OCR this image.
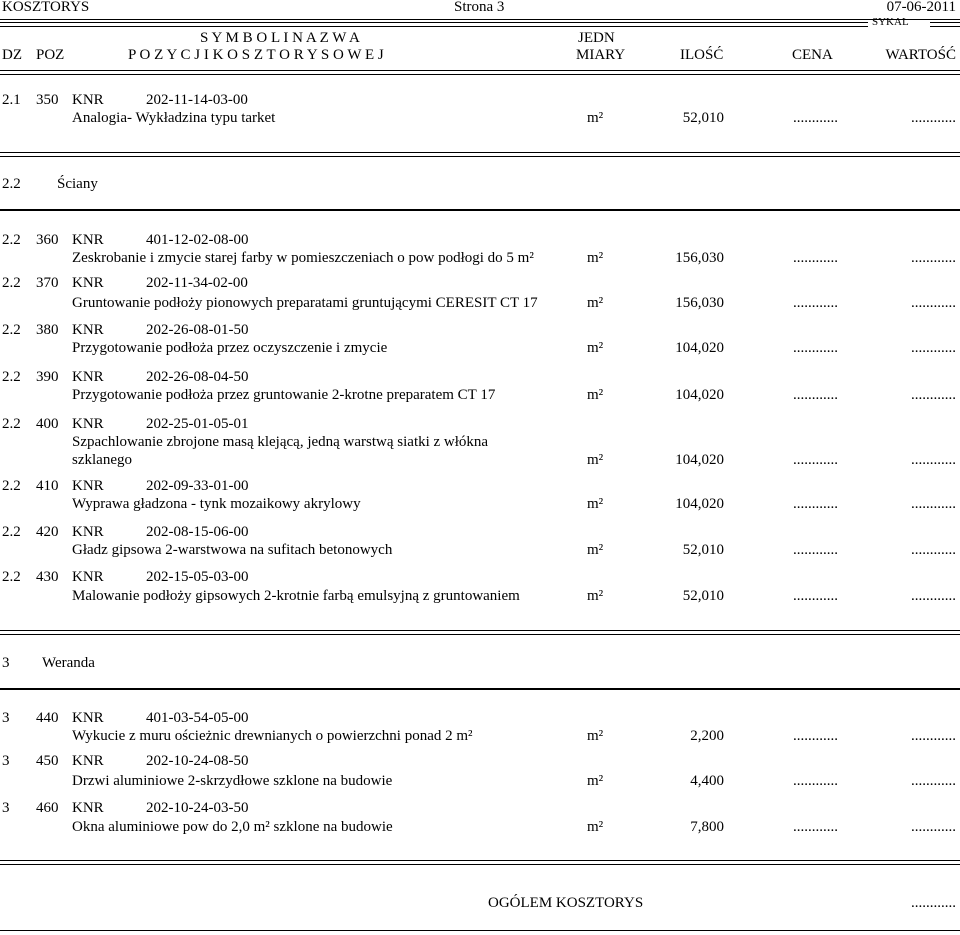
KOSZTORYS	Strona 3	07-06-2011
SYKAL
S Y M B O L I N A Z W A	JEDN
DZ POZ	P O Z Y C J I K O S Z T O R Y S O W E J	MIARY	ILOŚĆ	CENA	WARTOŚĆ
2.1 350 KNR	202-11-14-03-00
Analogia- Wykładzina typu tarket	m²	52,010	............	............
2.2 Ściany
2.2 360 KNR	401-12-02-08-00
Zeskrobanie i zmycie starej farby w pomieszczeniach o pow podłogi do 5 m²	m²	156,030	............	............
2.2 370 KNR	202-11-34-02-00
Gruntowanie podłoży pionowych preparatami gruntującymi CERESIT CT 17	m²	156,030	............	............
2.2 380 KNR	202-26-08-01-50
Przygotowanie podłoża przez oczyszczenie i zmycie	m²	104,020	............	............
2.2 390 KNR	202-26-08-04-50
Przygotowanie podłoża przez gruntowanie 2-krotne preparatem CT 17	m²	104,020	............	............
2.2 400 KNR	202-25-01-05-01
Szpachlowanie zbrojone masą klejącą, jedną warstwą siatki z włókna
szklanego	m²	104,020	............	............
2.2 410 KNR	202-09-33-01-00
Wyprawa gładzona - tynk mozaikowy akrylowy	m²	104,020	............	............
2.2 420 KNR	202-08-15-06-00
Gładz gipsowa 2-warstwowa na sufitach betonowych	m²	52,010	............	............
2.2 430 KNR	202-15-05-03-00
Malowanie podłoży gipsowych 2-krotnie farbą emulsyjną z gruntowaniem	m²	52,010	............	............
3 Weranda
3 440 KNR	401-03-54-05-00
Wykucie z muru ościeżnic drewnianych o powierzchni ponad 2 m²	m²	2,200	............	............
3 450 KNR	202-10-24-08-50
Drzwi aluminiowe 2-skrzydłowe szklone na budowie	m²	4,400	............	............
3 460 KNR	202-10-24-03-50
Okna aluminiowe pow do 2,0 m² szklone na budowie	m²	7,800	............	............
OGÓLEM KOSZTORYS	............
